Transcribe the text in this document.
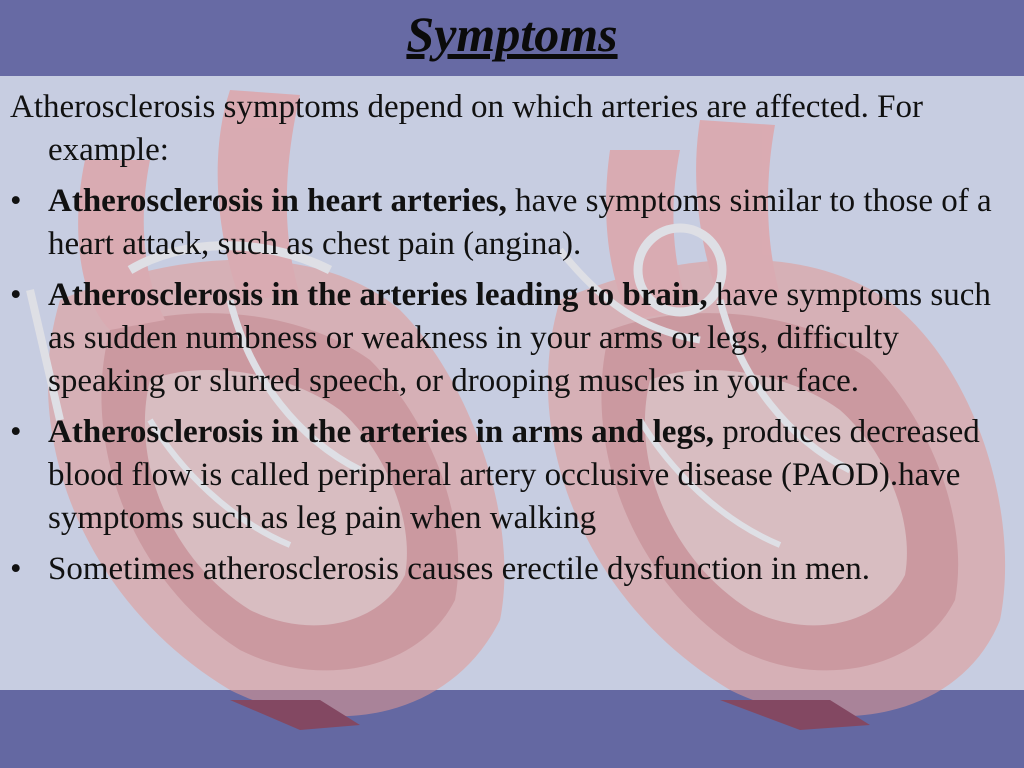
Symptoms

Atherosclerosis symptoms depend on which arteries are affected. For example:

• Atherosclerosis in heart arteries, have symptoms similar to those of a heart attack, such as chest pain (angina).
• Atherosclerosis in the arteries leading to brain, have symptoms such as sudden numbness or weakness in your arms or legs, difficulty speaking or slurred speech, or drooping muscles in your face.
• Atherosclerosis in the arteries in arms and legs, produces decreased blood flow is called peripheral artery occlusive disease (PAOD).have symptoms such as leg pain when walking
• Sometimes atherosclerosis causes erectile dysfunction in men.
